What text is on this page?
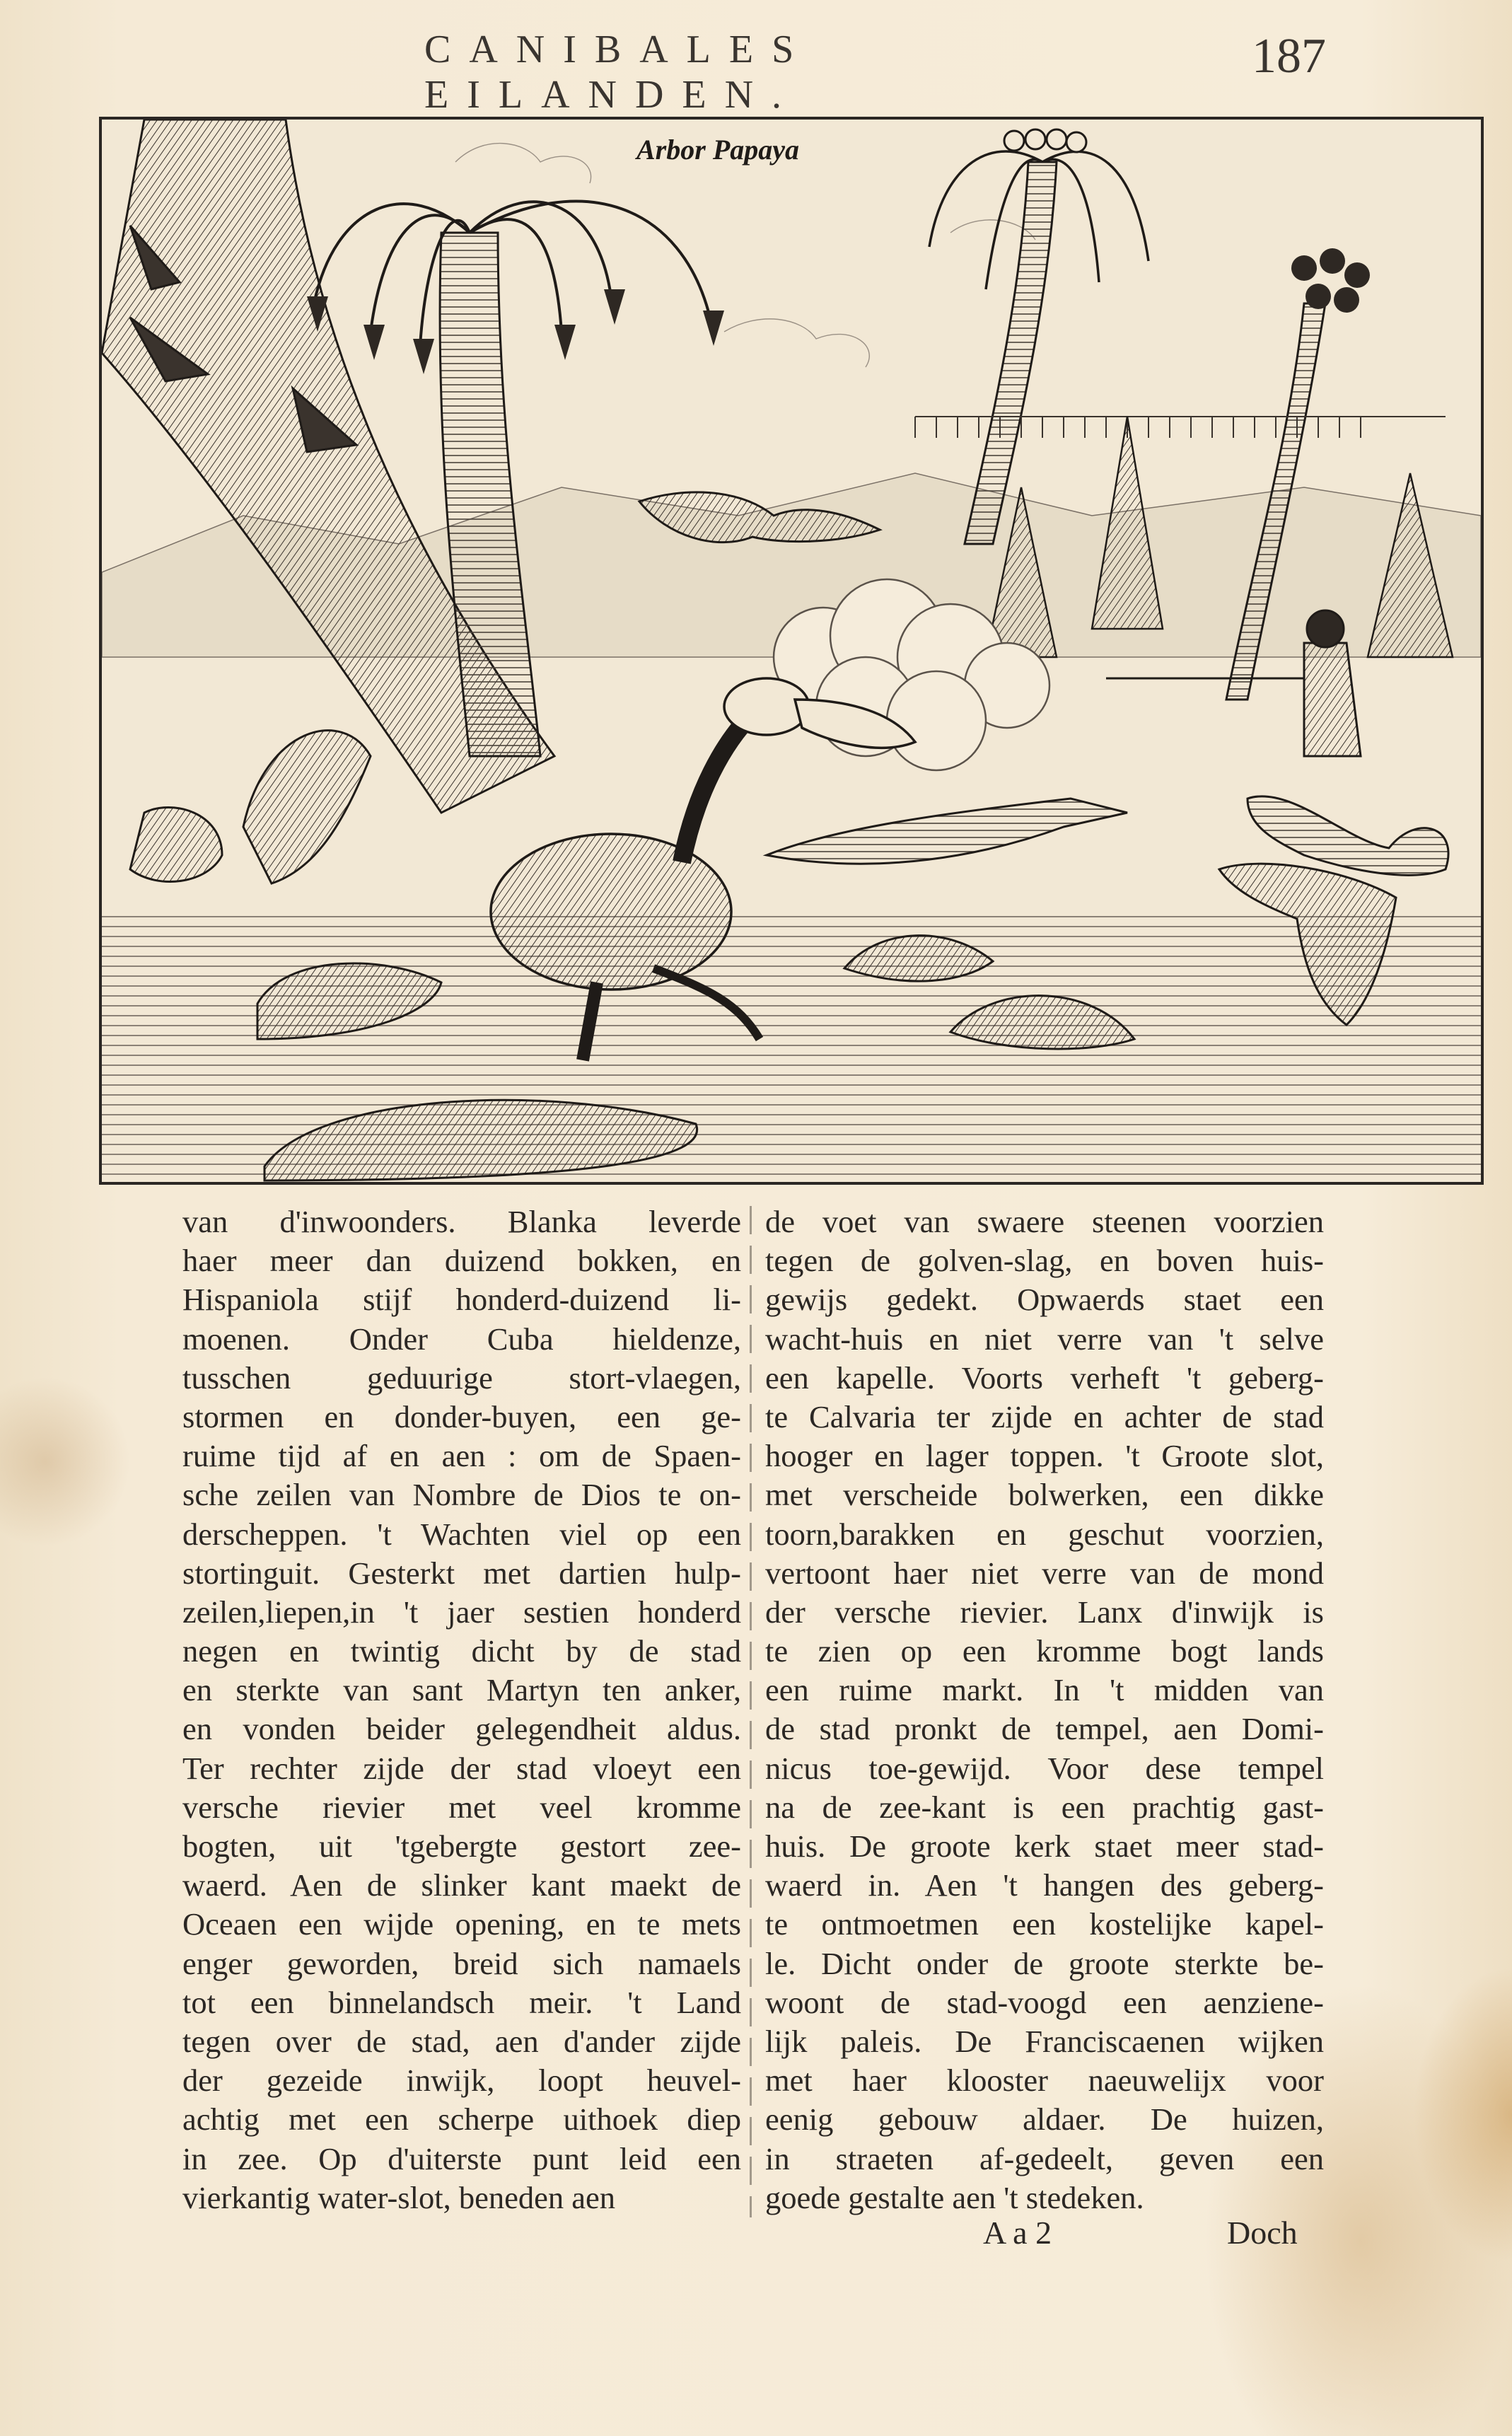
CANIBALES EILANDEN.
187
Arbor Papaya
van d'inwoonders. Blanka leverde
haer meer dan duizend bokken, en
Hispaniola stijf honderd-duizend li-
moenen. Onder Cuba hieldenze,
tusschen geduurige stort-vlaegen,
stormen en donder-buyen, een ge-
ruime tijd af en aen : om de Spaen-
sche zeilen van Nombre de Dios te on-
derscheppen. 't Wachten viel op een
stortinguit. Gesterkt met dartien hulp-
zeilen,liepen,in 't jaer sestien honderd
negen en twintig dicht by de stad
en sterkte van sant Martyn ten anker,
en vonden beider gelegendheit aldus.
Ter rechter zijde der stad vloeyt een
versche rievier met veel kromme
bogten, uit 'tgebergte gestort zee-
waerd. Aen de slinker kant maekt de
Oceaen een wijde opening, en te mets
enger geworden, breid sich namaels
tot een binnelandsch meir. 't Land
tegen over de stad, aen d'ander zijde
der gezeide inwijk, loopt heuvel-
achtig met een scherpe uithoek diep
in zee. Op d'uiterste punt leid een
vierkantig water-slot, beneden aen
de voet van swaere steenen voorzien
tegen de golven-slag, en boven huis-
gewijs gedekt. Opwaerds staet een
wacht-huis en niet verre van 't selve
een kapelle. Voorts verheft 't geberg-
te Calvaria ter zijde en achter de stad
hooger en lager toppen. 't Groote slot,
met verscheide bolwerken, een dikke
toorn,barakken en geschut voorzien,
vertoont haer niet verre van de mond
der versche rievier. Lanx d'inwijk is
te zien op een kromme bogt lands
een ruime markt. In 't midden van
de stad pronkt de tempel, aen Domi-
nicus toe-gewijd. Voor dese tempel
na de zee-kant is een prachtig gast-
huis. De groote kerk staet meer stad-
waerd in. Aen 't hangen des geberg-
te ontmoetmen een kostelijke kapel-
le. Dicht onder de groote sterkte be-
woont de stad-voogd een aenziene-
lijk paleis. De Franciscaenen wijken
met haer klooster naeuwelijx voor
eenig gebouw aldaer. De huizen,
in straeten af-gedeelt, geven een
goede gestalte aen 't stedeken.
A a 2	Doch
